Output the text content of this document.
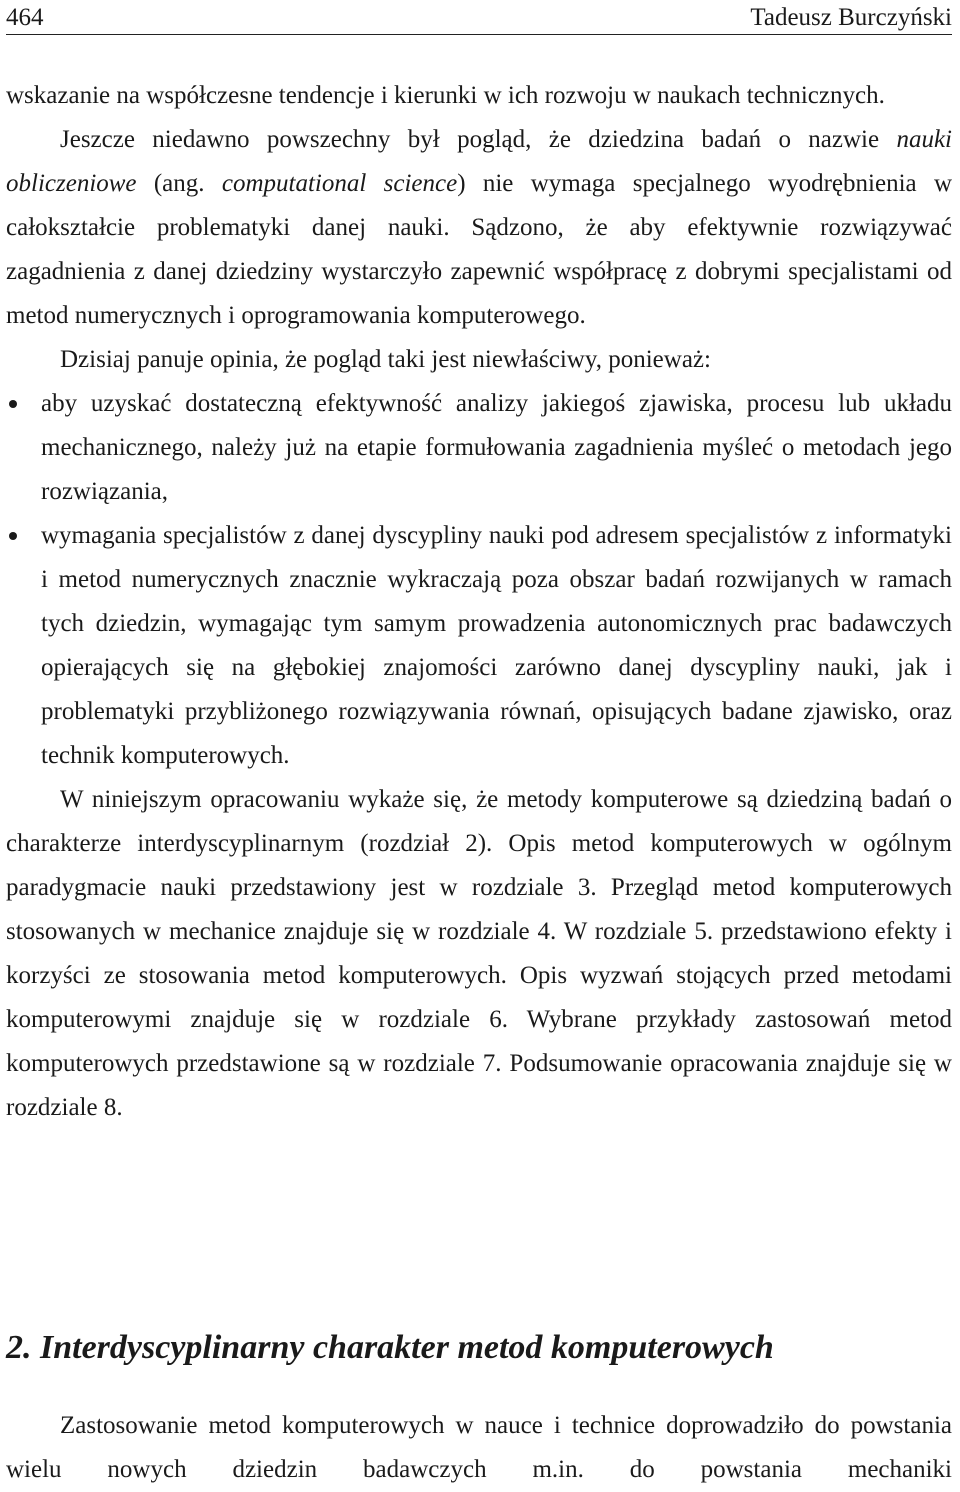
464	Tadeusz Burczyński

wskazanie na współczesne tendencje i kierunki w ich rozwoju w naukach technicznych.

Jeszcze niedawno powszechny był pogląd, że dziedzina badań o nazwie nauki obliczeniowe (ang. computational science) nie wymaga specjalnego wyodrębnienia w całokształcie problematyki danej nauki. Sądzono, że aby efektywnie rozwiązywać zagadnienia z danej dziedziny wystarczyło zapewnić współpracę z dobrymi specjalistami od metod numerycznych i oprogramowania komputerowego.

Dzisiaj panuje opinia, że pogląd taki jest niewłaściwy, ponieważ:

aby uzyskać dostateczną efektywność analizy jakiegoś zjawiska, procesu lub układu mechanicznego, należy już na etapie formułowania zagadnienia myśleć o metodach jego rozwiązania,
wymagania specjalistów z danej dyscypliny nauki pod adresem specjalistów z informatyki i metod numerycznych znacznie wykraczają poza obszar badań rozwijanych w ramach tych dziedzin, wymagając tym samym prowadzenia autonomicznych prac badawczych opierających się na głębokiej znajomości zarówno danej dyscypliny nauki, jak i problematyki przybliżonego rozwiązywania równań, opisujących badane zjawisko, oraz technik komputerowych.

W niniejszym opracowaniu wykaże się, że metody komputerowe są dziedziną badań o charakterze interdyscyplinarnym (rozdział 2). Opis metod komputerowych w ogólnym paradygmacie nauki przedstawiony jest w rozdziale 3. Przegląd metod komputerowych stosowanych w mechanice znajduje się w rozdziale 4. W rozdziale 5. przedstawiono efekty i korzyści ze stosowania metod komputerowych. Opis wyzwań stojących przed metodami komputerowymi znajduje się w rozdziale 6. Wybrane przykłady zastosowań metod komputerowych przedstawione są w rozdziale 7. Podsumowanie opracowania znajduje się w rozdziale 8.

2. Interdyscyplinarny charakter metod komputerowych

Zastosowanie metod komputerowych w nauce i technice doprowadziło do powstania wielu nowych dziedzin badawczych m.in. do powstania mechaniki
